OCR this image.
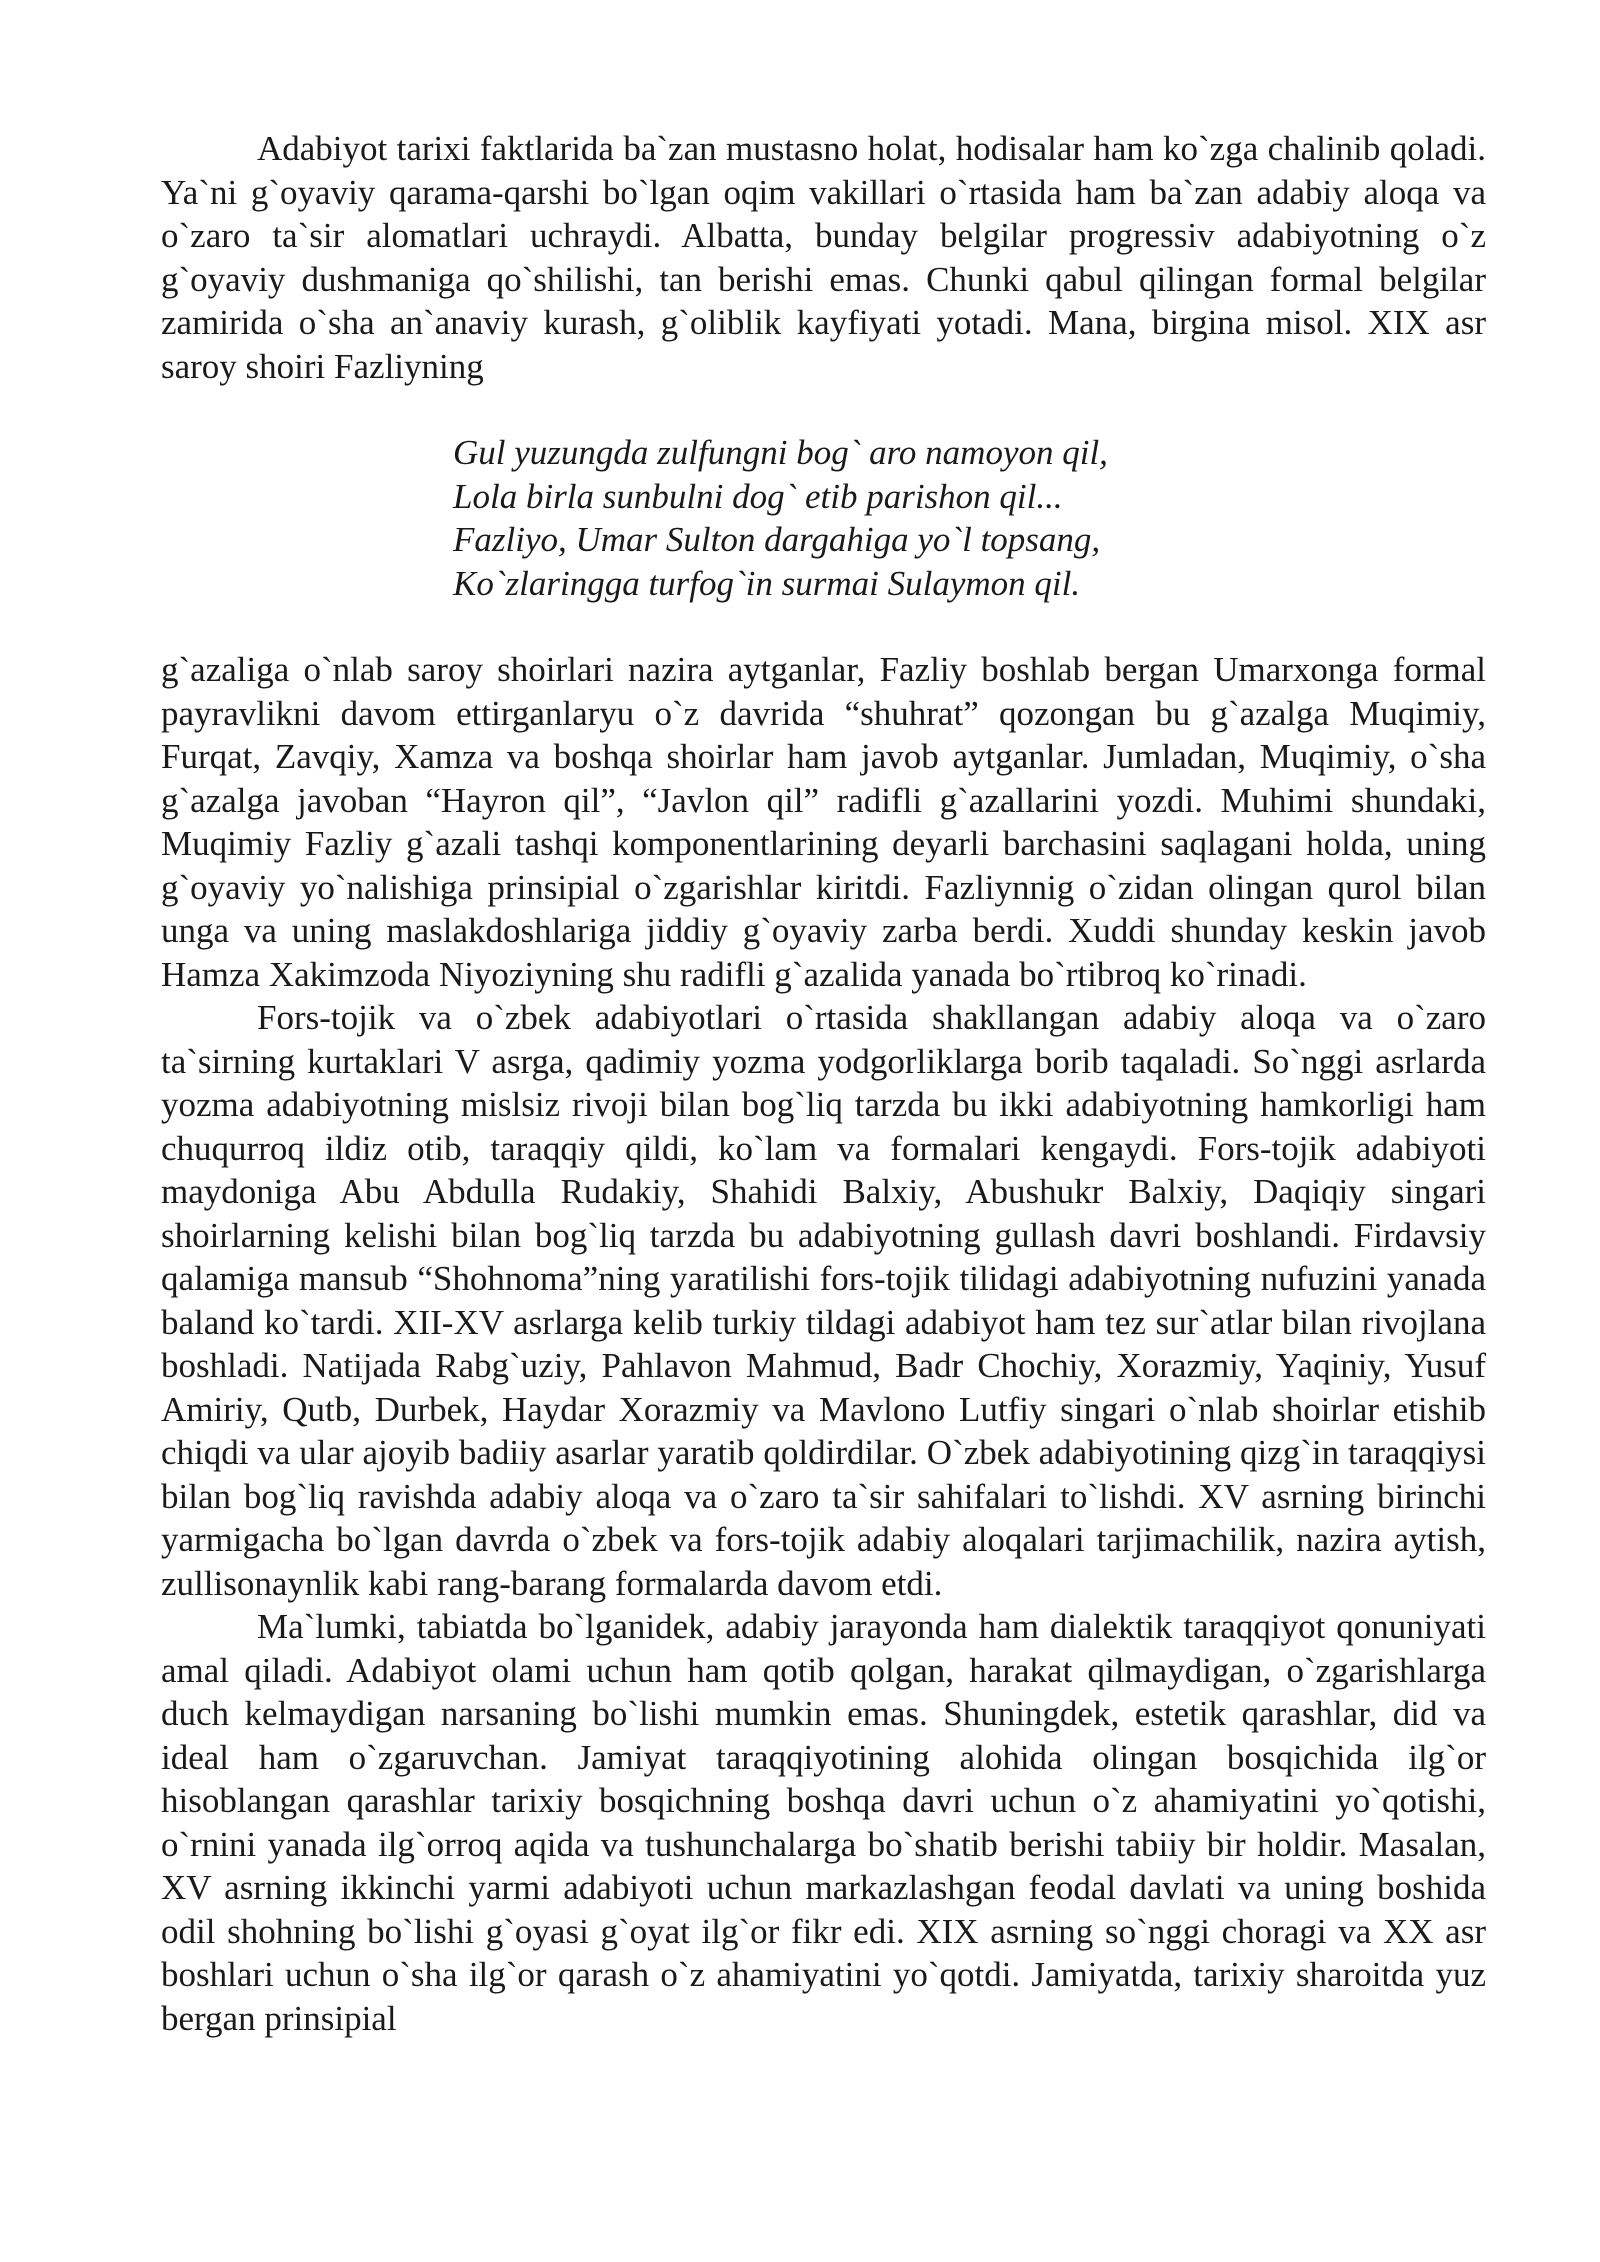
Adabiyot tarixi faktlarida ba`zan mustasno holat, hodisalar ham ko`zga chalinib qoladi. Ya`ni g`oyaviy qarama-qarshi bo`lgan oqim vakillari o`rtasida ham ba`zan adabiy aloqa va o`zaro ta`sir alomatlari uchraydi. Albatta, bunday belgilar progressiv adabiyotning o`z g`oyaviy dushmaniga qo`shilishi, tan berishi emas. Chunki qabul qilingan formal belgilar zamirida o`sha an`anaviy kurash, g`oliblik kayfiyati yotadi. Mana, birgina misol. XIX asr saroy shoiri Fazliyning

Gul yuzungda zulfungni bog` aro namoyon qil,
Lola birla sunbulni dog` etib parishon qil...
Fazliyo, Umar Sulton dargahiga yo`l topsang,
Ko`zlaringga turfog`in surmai Sulaymon qil.

g`azaliga o`nlab saroy shoirlari nazira aytganlar, Fazliy boshlab bergan Umarxonga formal payravlikni davom ettirganlaryu o`z davrida “shuhrat” qozongan bu g`azalga Muqimiy, Furqat, Zavqiy, Xamza va boshqa shoirlar ham javob aytganlar. Jumladan, Muqimiy, o`sha g`azalga javoban “Hayron qil”, “Javlon qil” radifli g`azallarini yozdi. Muhimi shundaki, Muqimiy Fazliy g`azali tashqi komponentlarining deyarli barchasini saqlagani holda, uning g`oyaviy yo`nalishiga prinsipial o`zgarishlar kiritdi. Fazliynnig o`zidan olingan qurol bilan unga va uning maslakdoshlariga jiddiy g`oyaviy zarba berdi. Xuddi shunday keskin javob Hamza Xakimzoda Niyoziyning shu radifli g`azalida yanada bo`rtibroq ko`rinadi.

Fors-tojik va o`zbek adabiyotlari o`rtasida shakllangan adabiy aloqa va o`zaro ta`sirning kurtaklari V asrga, qadimiy yozma yodgorliklarga borib taqaladi. So`nggi asrlarda yozma adabiyotning mislsiz rivoji bilan bog`liq tarzda bu ikki adabiyotning hamkorligi ham chuqurroq ildiz otib, taraqqiy qildi, ko`lam va formalari kengaydi. Fors-tojik adabiyoti maydoniga Abu Abdulla Rudakiy, Shahidi Balxiy, Abushukr Balxiy, Daqiqiy singari shoirlarning kelishi bilan bog`liq tarzda bu adabiyotning gullash davri boshlandi. Firdavsiy qalamiga mansub “Shohnoma”ning yaratilishi fors-tojik tilidagi adabiyotning nufuzini yanada baland ko`tardi. XII-XV asrlarga kelib turkiy tildagi adabiyot ham tez sur`atlar bilan rivojlana boshladi. Natijada Rabg`uziy, Pahlavon Mahmud, Badr Chochiy, Xorazmiy, Yaqiniy, Yusuf Amiriy, Qutb, Durbek, Haydar Xorazmiy va Mavlono Lutfiy singari o`nlab shoirlar etishib chiqdi va ular ajoyib badiiy asarlar yaratib qoldirdilar. O`zbek adabiyotining qizg`in taraqqiysi bilan bog`liq ravishda adabiy aloqa va o`zaro ta`sir sahifalari to`lishdi. XV asrning birinchi yarmigacha bo`lgan davrda o`zbek va fors-tojik adabiy aloqalari tarjimachilik, nazira aytish, zullisonaynlik kabi rang-barang formalarda davom etdi.

Ma`lumki, tabiatda bo`lganidek, adabiy jarayonda ham dialektik taraqqiyot qonuniyati amal qiladi. Adabiyot olami uchun ham qotib qolgan, harakat qilmaydigan, o`zgarishlarga duch kelmaydigan narsaning bo`lishi mumkin emas. Shuningdek, estetik qarashlar, did va ideal ham o`zgaruvchan. Jamiyat taraqqiyotining alohida olingan bosqichida ilg`or hisoblangan qarashlar tarixiy bosqichning boshqa davri uchun o`z ahamiyatini yo`qotishi, o`rnini yanada ilg`orroq aqida va tushunchalarga bo`shatib berishi tabiiy bir holdir. Masalan, XV asrning ikkinchi yarmi adabiyoti uchun markazlashgan feodal davlati va uning boshida odil shohning bo`lishi g`oyasi g`oyat ilg`or fikr edi. XIX asrning so`nggi choragi va XX asr boshlari uchun o`sha ilg`or qarash o`z ahamiyatini yo`qotdi. Jamiyatda, tarixiy sharoitda yuz bergan prinsipial
